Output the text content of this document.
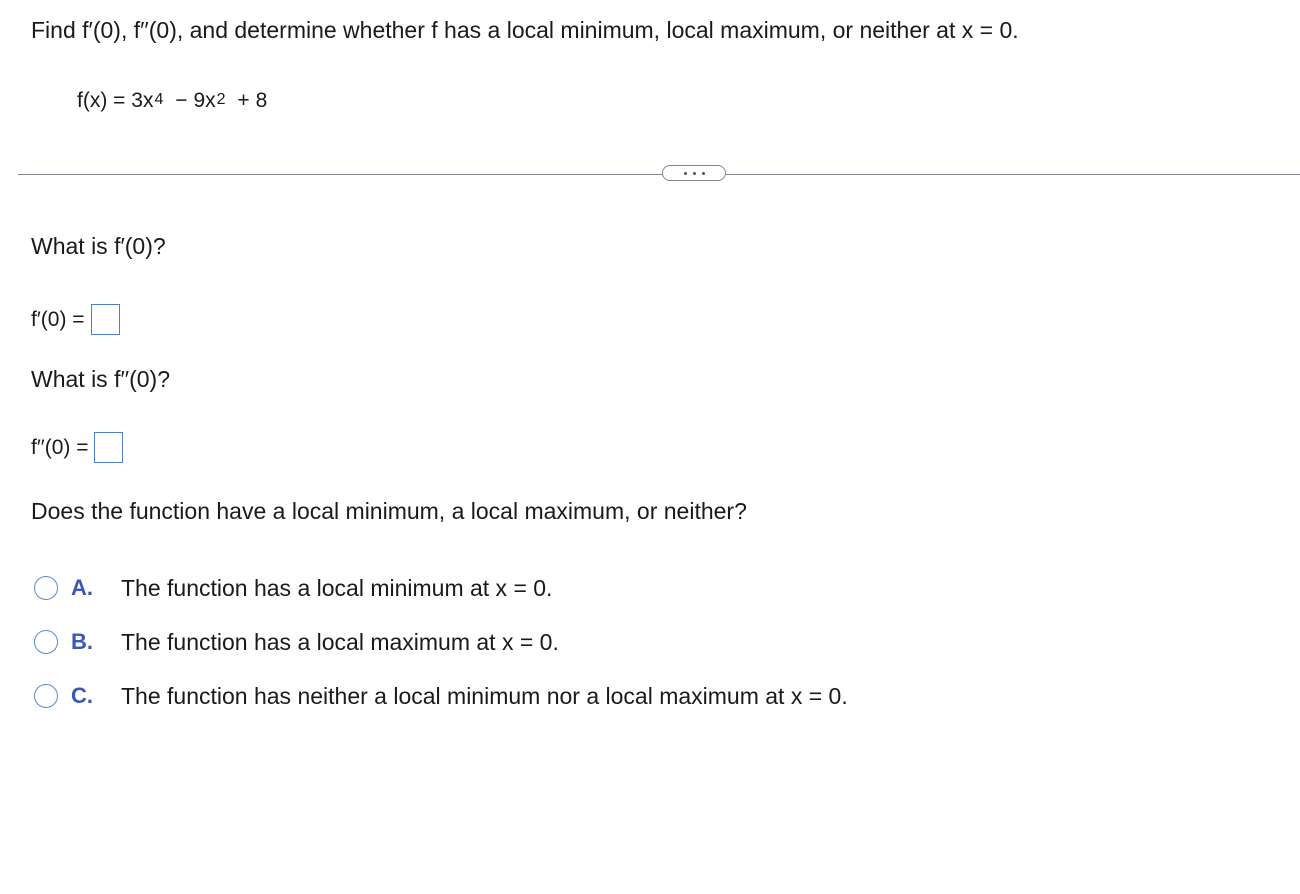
Find f′(0), f′′(0), and determine whether f has a local minimum, local maximum, or neither at x = 0.
$f(x) = 3x^4 - 9x^2 + 8$
What is f′(0)?
f′(0) =
What is f′′(0)?
f′′(0) =
Does the function have a local minimum, a local maximum, or neither?
A.	The function has a local minimum at x = 0.
B.	The function has a local maximum at x = 0.
C.	The function has neither a local minimum nor a local maximum at x = 0.
